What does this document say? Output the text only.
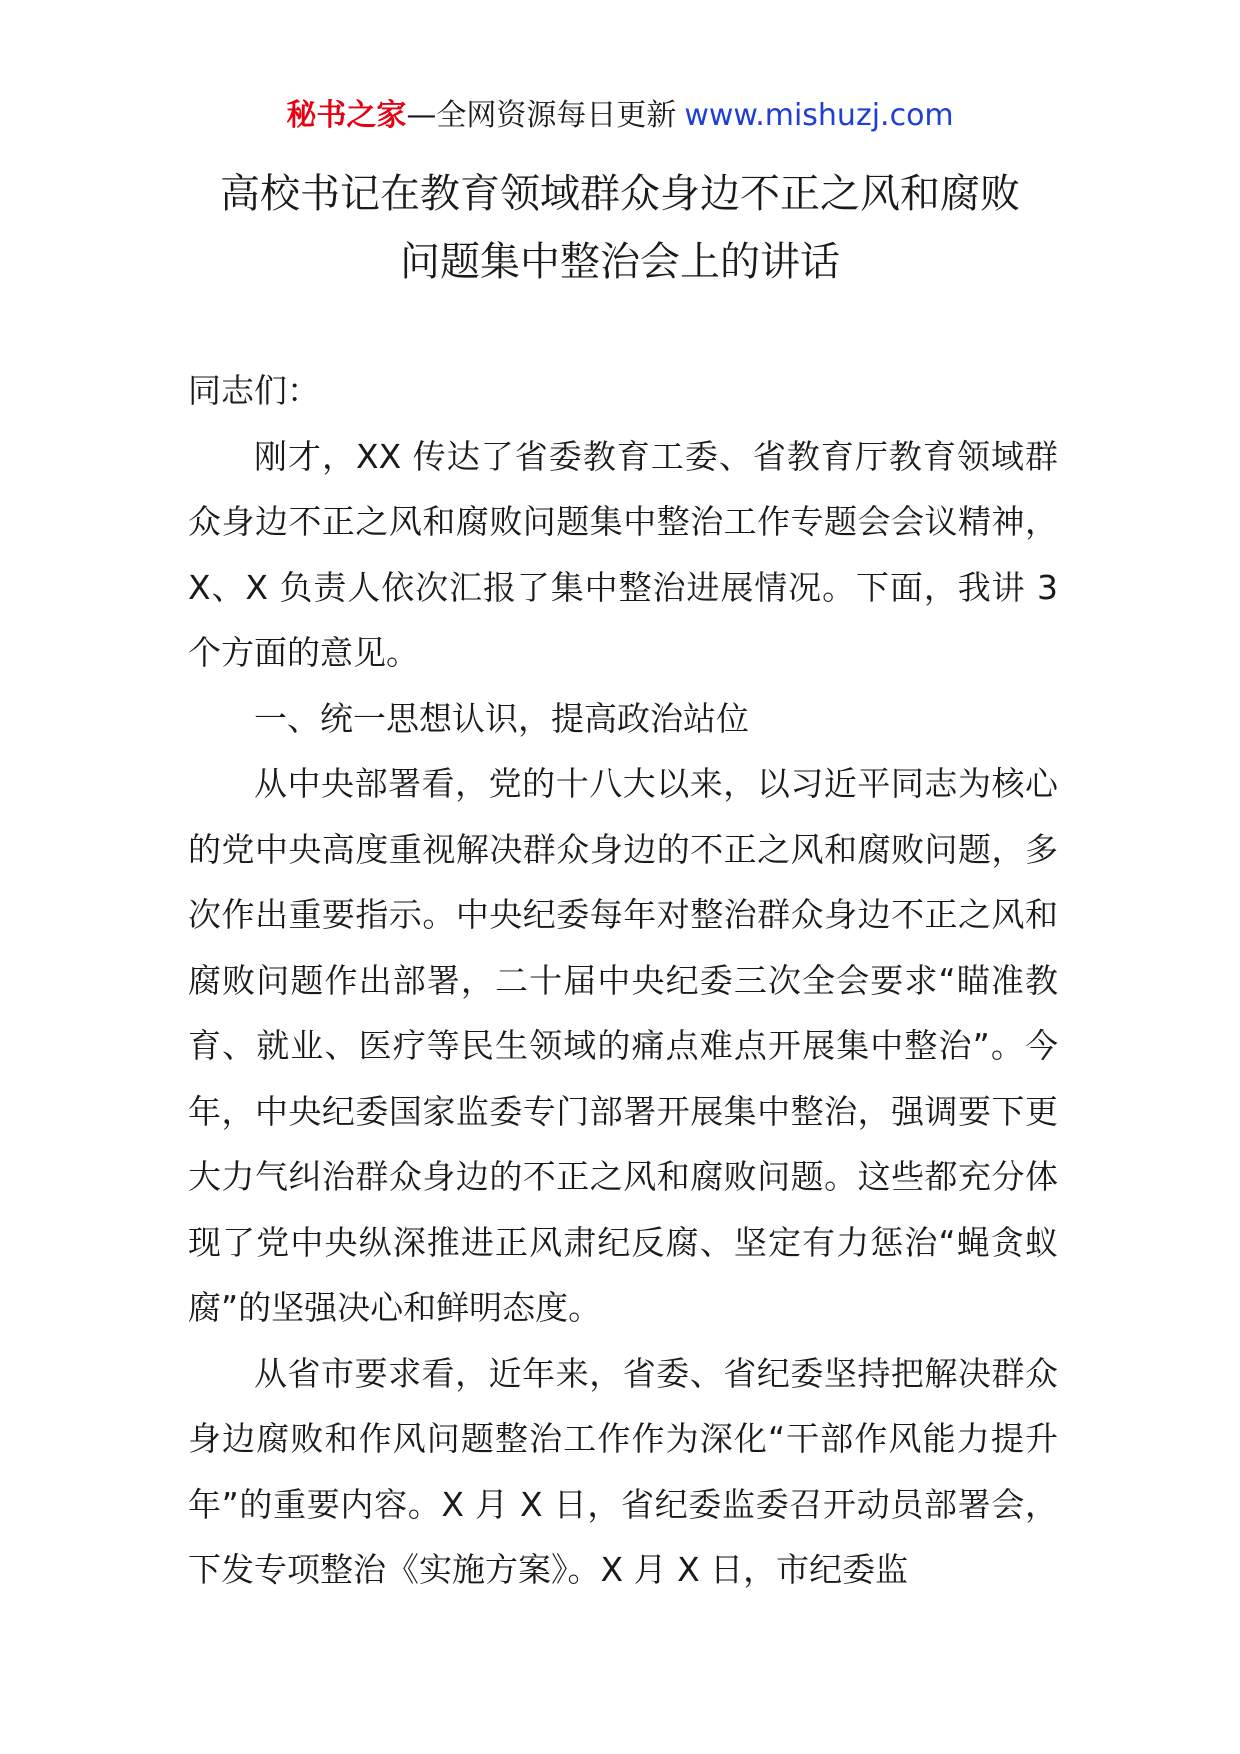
秘书之家—全网资源每日更新 www.mishuzj.com
高校书记在教育领域群众身边不正之风和腐败
问题集中整治会上的讲话

同志们：

刚才，XX 传达了省委教育工委、省教育厅教育领域群众身边不正之风和腐败问题集中整治工作专题会会议精神，X、X 负责人依次汇报了集中整治进展情况。下面，我讲 3 个方面的意见。

一、统一思想认识，提高政治站位

从中央部署看，党的十八大以来，以习近平同志为核心的党中央高度重视解决群众身边的不正之风和腐败问题，多次作出重要指示。中央纪委每年对整治群众身边不正之风和腐败问题作出部署，二十届中央纪委三次全会要求“瞄准教育、就业、医疗等民生领域的痛点难点开展集中整治”。今年，中央纪委国家监委专门部署开展集中整治，强调要下更大力气纠治群众身边的不正之风和腐败问题。这些都充分体现了党中央纵深推进正风肃纪反腐、坚定有力惩治“蝇贪蚁腐”的坚强决心和鲜明态度。

从省市要求看，近年来，省委、省纪委坚持把解决群众身边腐败和作风问题整治工作作为深化“干部作风能力提升年”的重要内容。X 月 X 日，省纪委监委召开动员部署会，下发专项整治《实施方案》。X 月 X 日，市纪委监
